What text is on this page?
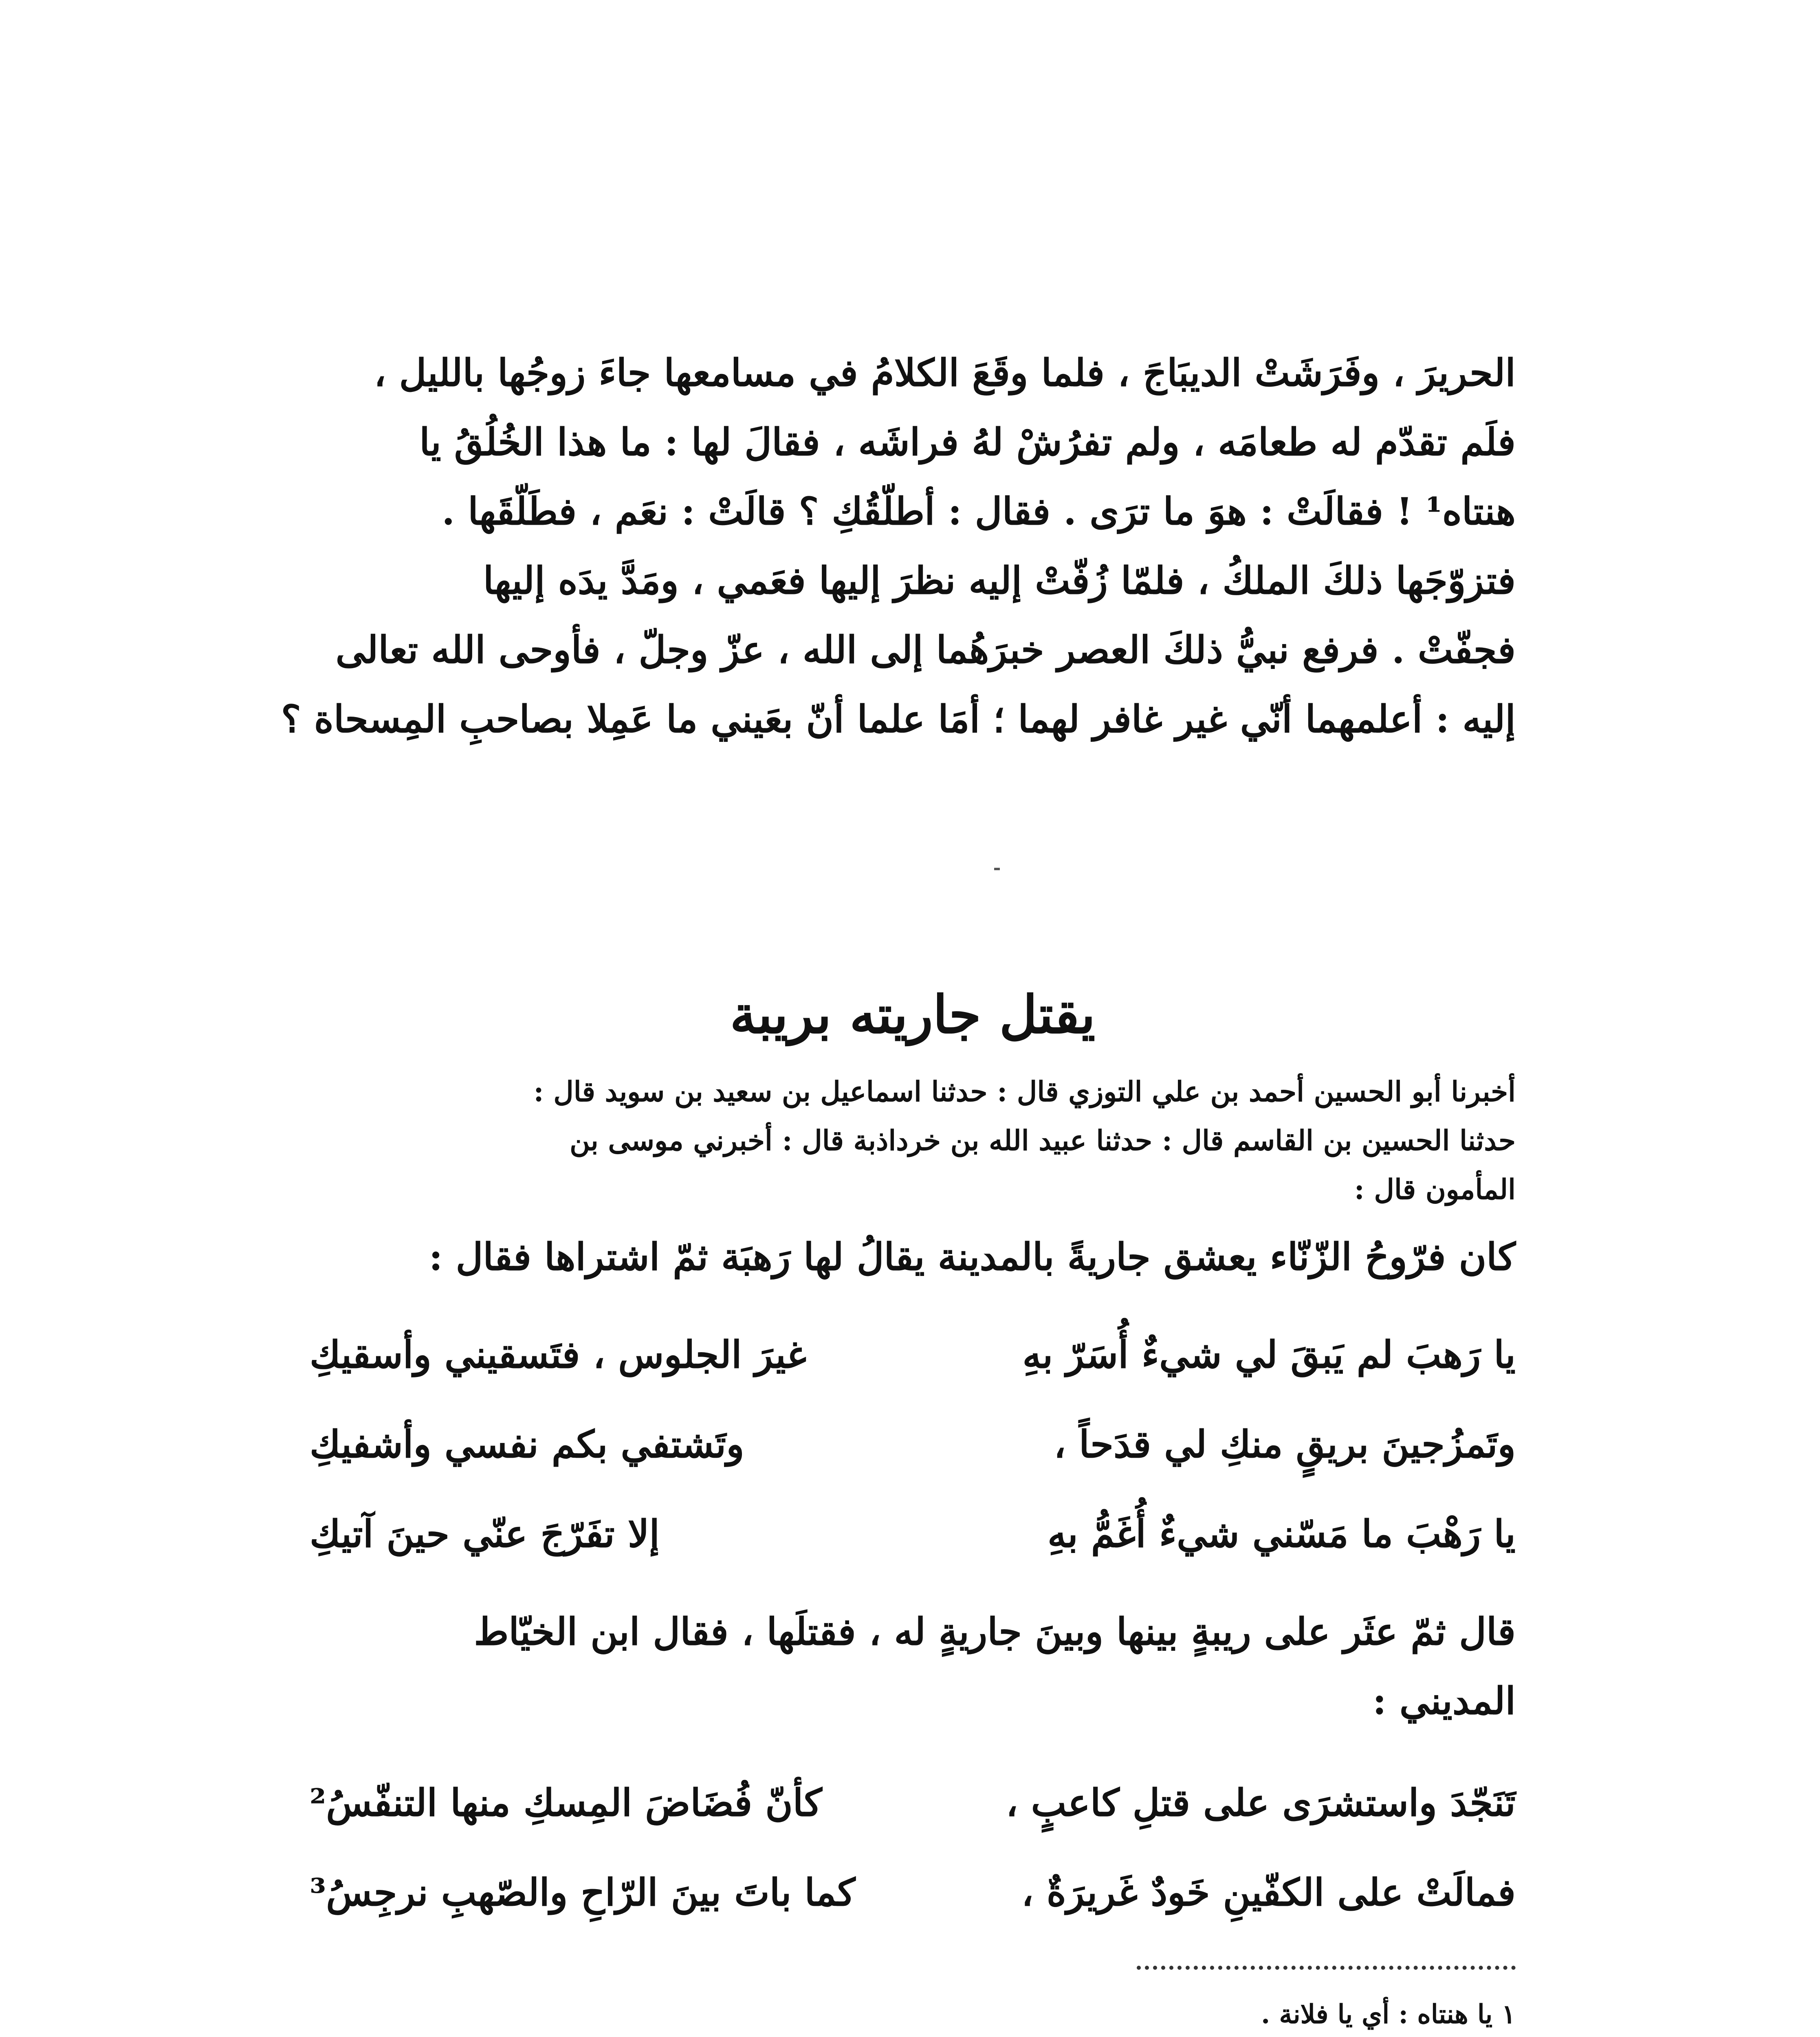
الحريرَ ، وفَرَشَتْ الديبَاجَ ، فلما وقَعَ الكلامُ في مسامعها جاءَ زوجُها بالليل ،
فلَم تقدّم له طعامَه ، ولم تفرُشْ لهُ فراشَه ، فقالَ لها : ما هذا الخُلُقُ يا
هنتاه¹ ! فقالَتْ : هوَ ما ترَى . فقال : أطلّقُكِ ؟ قالَتْ : نعَم ، فطَلّقَها .
فتزوّجَها ذلكَ الملكُ ، فلمّا زُفّتْ إليه نظرَ إليها فعَمي ، ومَدَّ يدَه إليها
فجفّتْ . فرفع نبيُّ ذلكَ العصر خبرَهُما إلى الله ، عزّ وجلّ ، فأوحى الله تعالى
إليه : أعلمهما أنّي غير غافر لهما ؛ أمَا علما أنّ بعَيني ما عَمِلا بصاحبِ المِسحاة ؟

يقتل جاريته بريبة
أخبرنا أبو الحسين أحمد بن علي التوزي قال : حدثنا اسماعيل بن سعيد بن سويد قال :
حدثنا الحسين بن القاسم قال : حدثنا عبيد الله بن خرداذبة قال : أخبرني موسى بن
المأمون قال :

كان فرّوحُ الزّنّاء يعشق جاريةً بالمدينة يقالُ لها رَهبَة ثمّ اشتراها فقال :

يا رَهبَ لم يَبقَ لي شيءٌ أُسَرّ بهِ
غيرَ الجلوس ، فتَسقيني وأسقيكِ
وتَمزُجينَ بريقٍ منكِ لي قدَحاً ،
وتَشتفي بكم نفسي وأشفيكِ
يا رَهْبَ ما مَسّني شيءٌ أُغَمُّ بهِ
إلا تفَرّجَ عنّي حينَ آتيكِ

قال ثمّ عثَر على ريبةٍ بينها وبينَ جاريةٍ له ، فقتلَها ، فقال ابن الخيّاط
المديني :

تَنَجّدَ واستشرَى على قتلِ كاعبٍ ،
كأنّ فُضَاضَ المِسكِ منها التنفّسُ²
فمالَتْ على الكفّينِ خَودٌ غَريرَةٌ ،
كما باتَ بينَ الرّاحِ والصّهبِ نرجِسُ³
١ يا هنتاه : أي يا فلانة .
